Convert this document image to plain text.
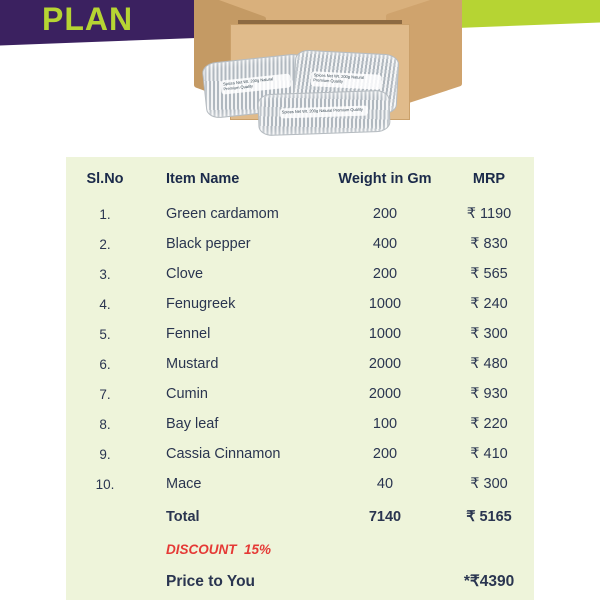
PLAN
Spices Net Wt. 200g Natural Premium Quality
Spices Net Wt. 200g Natural Premium Quality
Spices Net Wt. 200g Natural Premium Quality
Sl.No	Item Name	Weight in Gm	MRP
1.	Green cardamom	200	₹ 1190
2.	Black pepper	400	₹ 830
3.	Clove	200	₹ 565
4.	Fenugreek	1000	₹ 240
5.	Fennel	1000	₹ 300
6.	Mustard	2000	₹ 480
7.	Cumin	2000	₹ 930
8.	Bay leaf	100	₹ 220
9.	Cassia Cinnamon	200	₹ 410
10.	Mace	40	₹ 300
	Total	7140	₹ 5165
	DISCOUNT 15%		
	Price to You		*₹4390
